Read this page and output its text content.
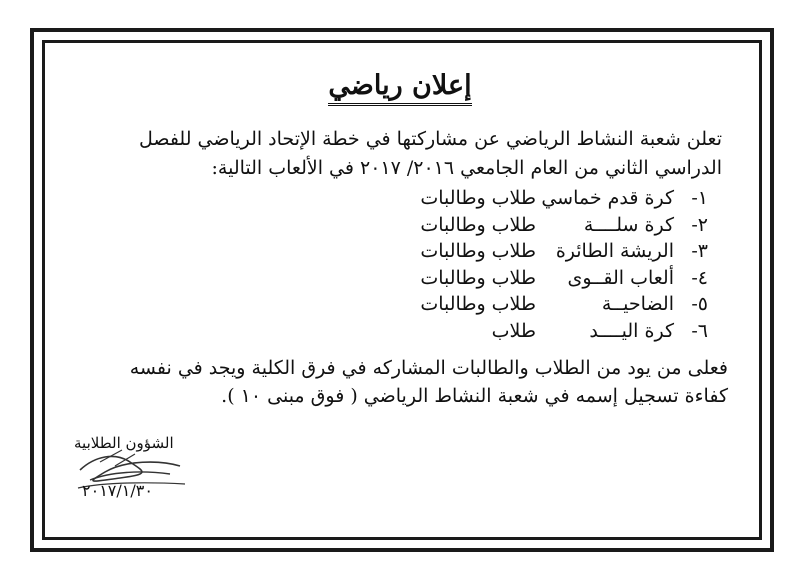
إعلان رياضي
تعلن شعبة النشاط الرياضي عن مشاركتها في خطة الإتحاد الرياضي للفصل
الدراسي الثاني من العام الجامعي ٢٠١٦/ ٢٠١٧ في الألعاب التالية:
١-
كرة قدم خماسي
طلاب وطالبات
٢-
كرة سلــــة
طلاب وطالبات
٣-
الريشة الطائرة
طلاب وطالبات
٤-
ألعاب القــوى
طلاب وطالبات
٥-
الضاحيــة
طلاب وطالبات
٦-
كرة اليــــد
طلاب
فعلى من يود من الطلاب والطالبات المشاركه في فرق الكلية ويجد في نفسه
كفاءة تسجيل إسمه في شعبة النشاط الرياضي ( فوق مبنى ١٠ ).
الشؤون الطلابية
٢٠١٧/١/٣٠
